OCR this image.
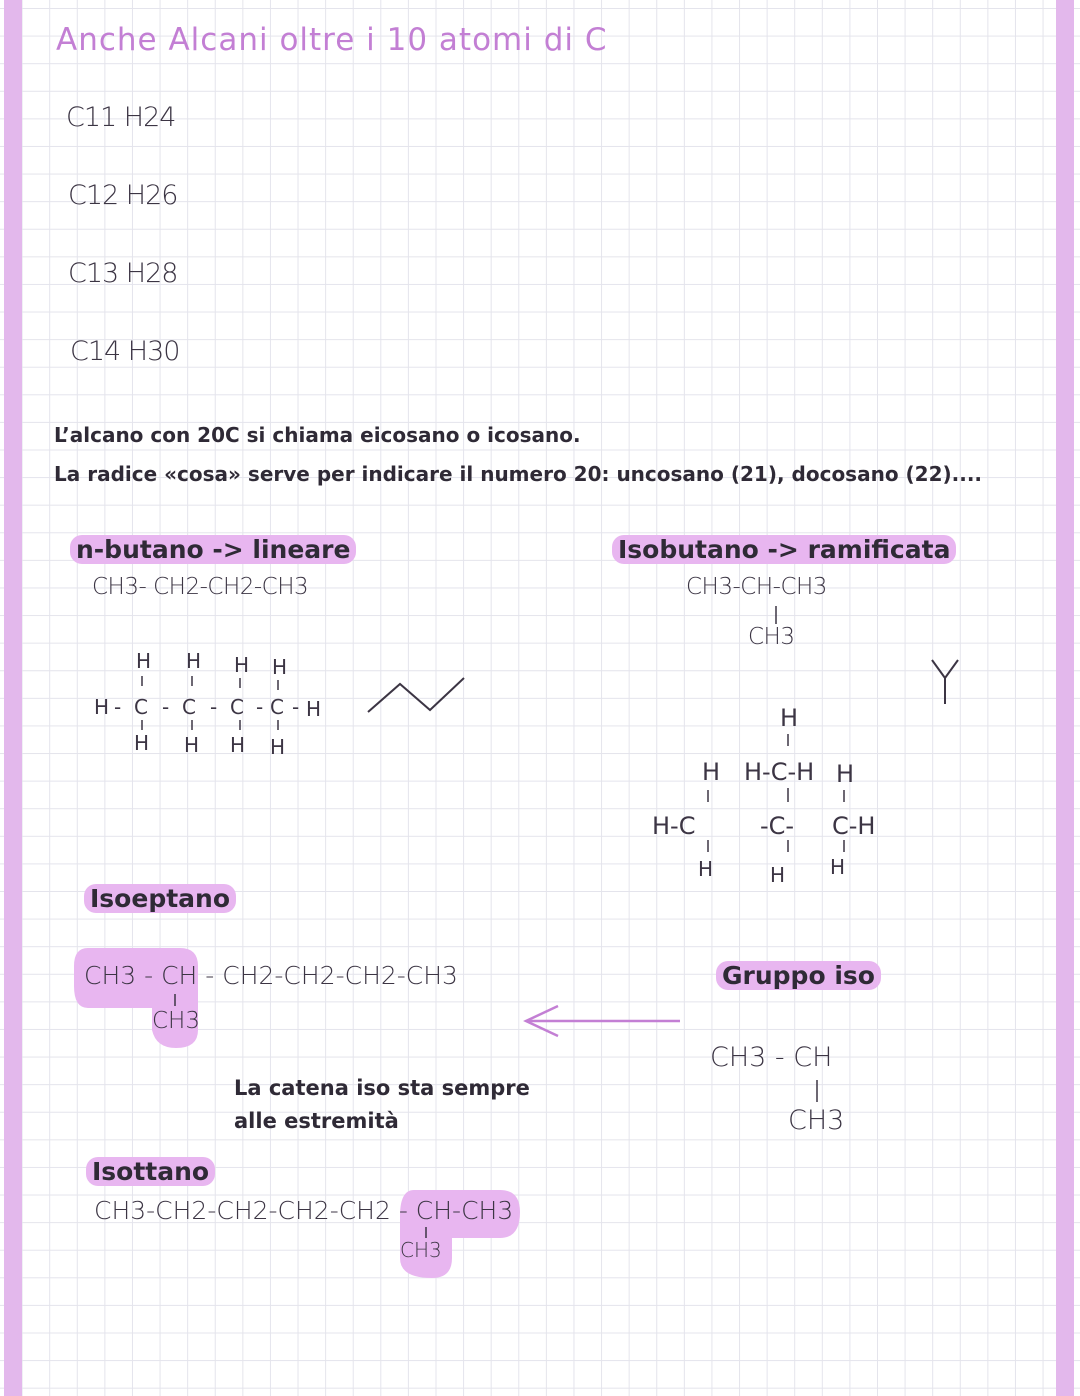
Anche Alcani oltre i 10 atomi di C
C11 H24
C12 H26
C13 H28
C14 H30
L’alcano con 20C si chiama eicosano o icosano.
La radice «cosa» serve per indicare il numero 20: uncosano (21), docosano (22)....
n-butano -> lineare
CH3- CH2-CH2-CH3
H H H H
H - C - C - C - C - H
H H H H
Isobutano -> ramificata
CH3-CH-CH3
CH3
H
H H-C-H H
H-C	-C- C-H
H	H H
Isoeptano
CH3 - CH - CH2-CH2-CH2-CH3
CH3
Gruppo iso
CH3 - CH
CH3
La catena iso sta sempre alle estremità
Isottano
CH3-CH2-CH2-CH2-CH2 - CH-CH3
CH3
